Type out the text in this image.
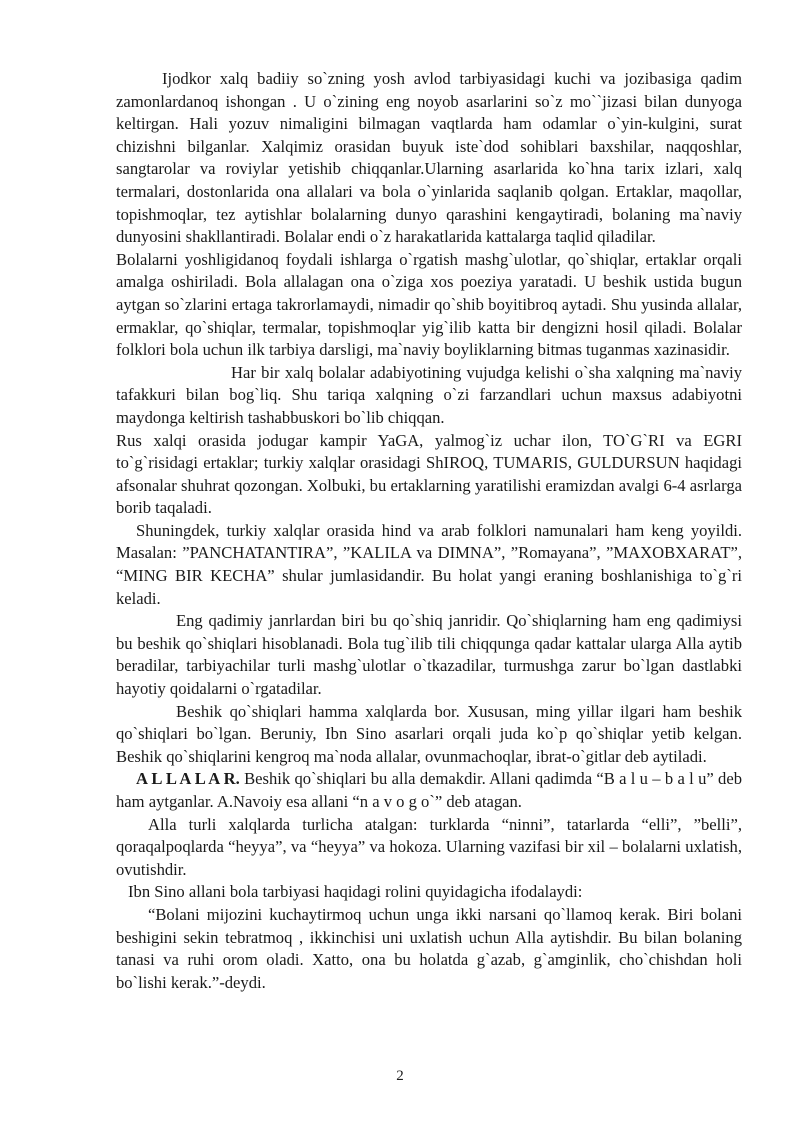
Ijodkor xalq badiiy so`zning yosh avlod tarbiyasidagi kuchi va jozibasiga qadim zamonlardanoq ishongan . U o`zining eng noyob asarlarini so`z mo``jizasi bilan dunyoga keltirgan. Hali yozuv nimaligini bilmagan vaqtlarda ham odamlar o`yin-kulgini, surat chizishni bilganlar. Xalqimiz orasidan buyuk iste`dod sohiblari baxshilar, naqqoshlar, sangtarolar va roviylar yetishib chiqqanlar.Ularning asarlarida ko`hna tarix izlari, xalq termalari, dostonlarida ona allalari va bola o`yinlarida saqlanib qolgan. Ertaklar, maqollar, topishmoqlar, tez aytishlar bolalarning dunyo qarashini kengaytiradi, bolaning ma`naviy dunyosini shakllantiradi. Bolalar endi o`z harakatlarida kattalarga taqlid qiladilar.

Bolalarni yoshligidanoq foydali ishlarga o`rgatish mashg`ulotlar, qo`shiqlar, ertaklar orqali amalga oshiriladi. Bola allalagan ona o`ziga xos poeziya yaratadi. U beshik ustida bugun aytgan so`zlarini ertaga takrorlamaydi, nimadir qo`shib boyitibroq aytadi. Shu yusinda allalar, ermaklar, qo`shiqlar, termalar, topishmoqlar yig`ilib katta bir dengizni hosil qiladi. Bolalar folklori bola uchun ilk tarbiya darsligi, ma`naviy boyliklarning bitmas tuganmas xazinasidir.

Har bir xalq bolalar adabiyotining vujudga kelishi o`sha xalqning ma`naviy tafakkuri bilan bog`liq. Shu tariqa xalqning o`zi farzandlari uchun maxsus adabiyotni maydonga keltirish tashabbuskori bo`lib chiqqan.

Rus xalqi orasida jodugar kampir YaGA, yalmog`iz uchar ilon, TO`G`RI va EGRI to`g`risidagi ertaklar; turkiy xalqlar orasidagi ShIROQ, TUMARIS, GULDURSUN haqidagi afsonalar shuhrat qozongan. Xolbuki, bu ertaklarning yaratilishi eramizdan avalgi 6-4 asrlarga borib taqaladi.

Shuningdek, turkiy xalqlar orasida hind va arab folklori namunalari ham keng yoyildi. Masalan: ”PANCHATANTIRA”, ”KALILA va DIMNA”, ”Romayana”, ”MAXOBXARAT”, “MING BIR KECHA” shular jumlasidandir. Bu holat yangi eraning boshlanishiga to`g`ri keladi.

Eng qadimiy janrlardan biri bu qo`shiq janridir. Qo`shiqlarning ham eng qadimiysi bu beshik qo`shiqlari hisoblanadi. Bola tug`ilib tili chiqqunga qadar kattalar ularga Alla aytib beradilar, tarbiyachilar turli mashg`ulotlar o`tkazadilar, turmushga zarur bo`lgan dastlabki hayotiy qoidalarni o`rgatadilar.

Beshik qo`shiqlari hamma xalqlarda bor. Xususan, ming yillar ilgari ham beshik qo`shiqlari bo`lgan. Beruniy, Ibn Sino asarlari orqali juda ko`p qo`shiqlar yetib kelgan. Beshik qo`shiqlarini kengroq ma`noda allalar, ovunmachoqlar, ibrat-o`gitlar deb aytiladi.

A L L A L A R. Beshik qo`shiqlari bu alla demakdir. Allani qadimda “B a l u – b a l u” deb ham aytganlar. A.Navoiy esa allani “n a v o g o`” deb atagan.

Alla turli xalqlarda turlicha atalgan: turklarda “ninni”, tatarlarda “elli”, ”belli”, qoraqalpoqlarda “heyya”, va “heyya” va hokoza. Ularning vazifasi bir xil – bolalarni uxlatish, ovutishdir.

Ibn Sino allani bola tarbiyasi haqidagi rolini quyidagicha ifodalaydi:

“Bolani mijozini kuchaytirmoq uchun unga ikki narsani qo`llamoq kerak. Biri bolani beshigini sekin tebratmoq , ikkinchisi uni uxlatish uchun Alla aytishdir. Bu bilan bolaning tanasi va ruhi orom oladi. Xatto, ona bu holatda g`azab, g`amginlik, cho`chishdan holi bo`lishi kerak.”-deydi.

2
